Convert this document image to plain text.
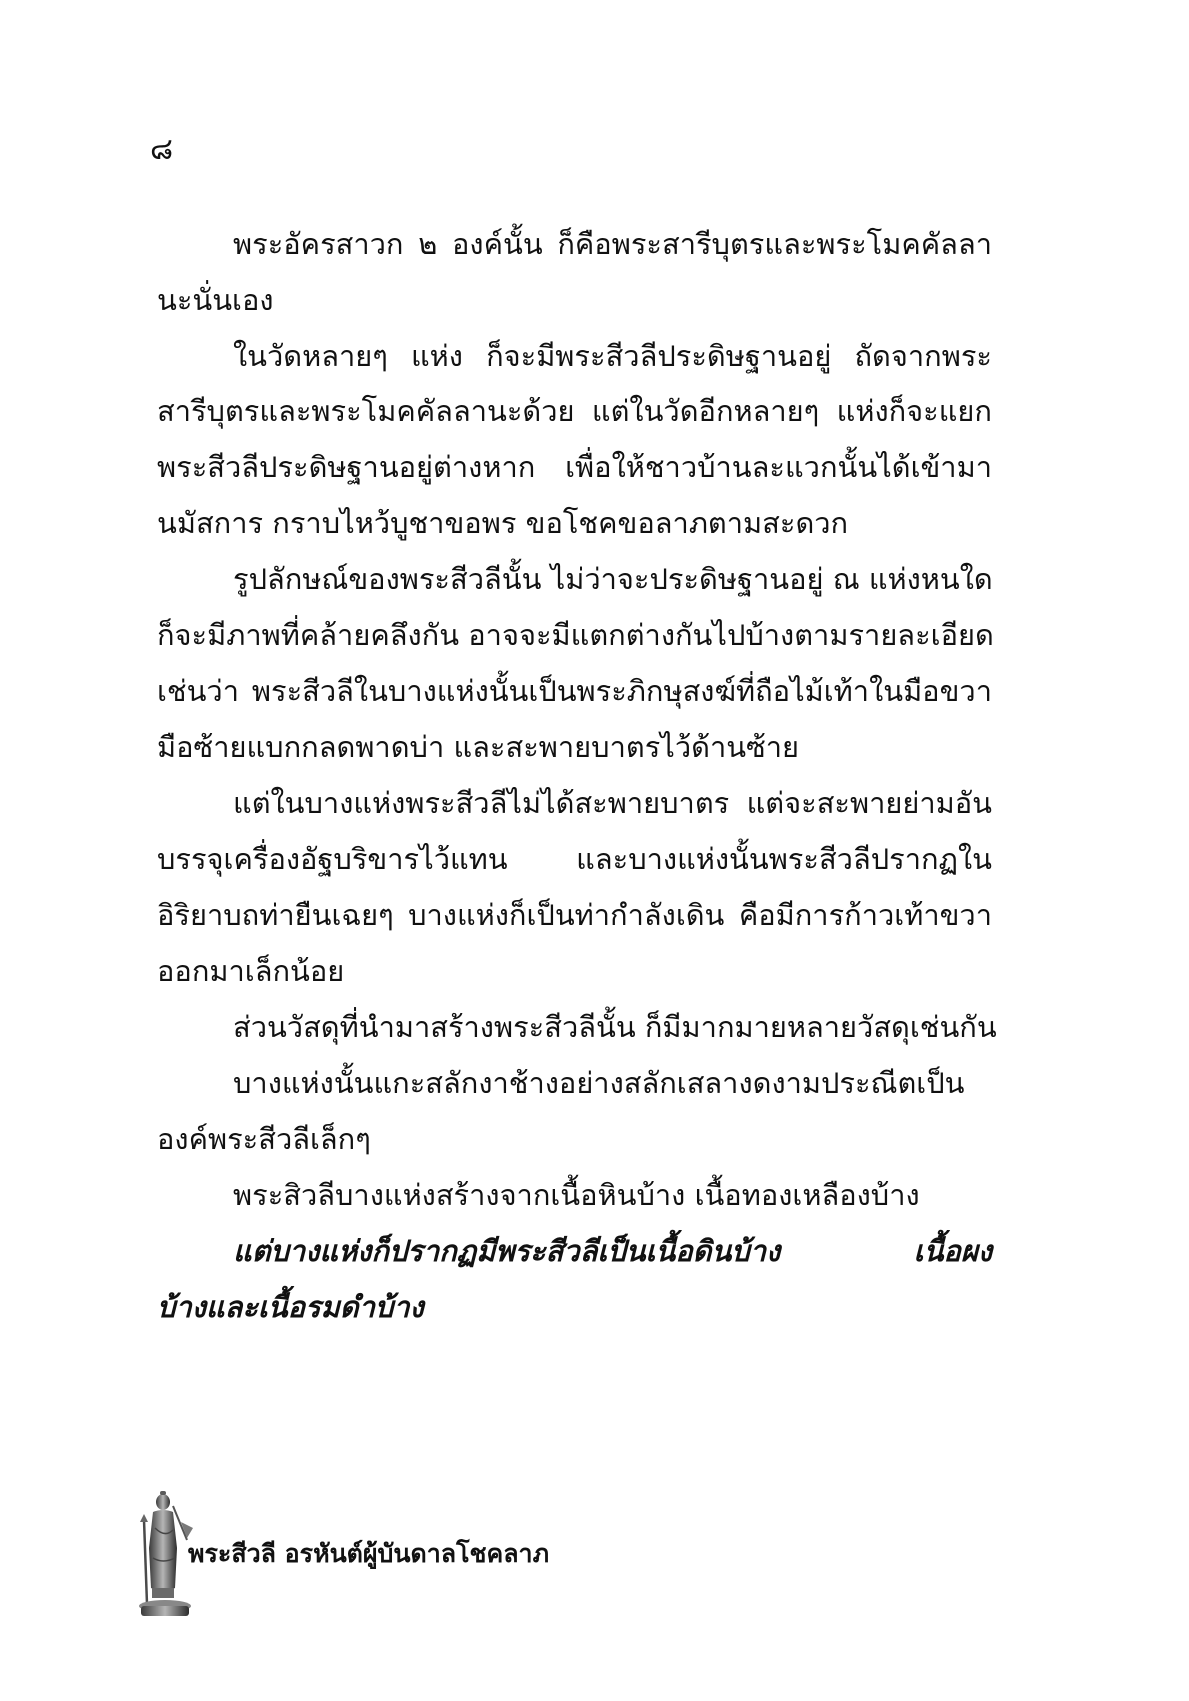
๘
พระอัครสาวก ๒ องค์นั้น ก็คือพระสารีบุตรและพระโมคคัลลา
นะนั่นเอง
ในวัดหลายๆ แห่ง ก็จะมีพระสีวลีประดิษฐานอยู่ ถัดจากพระ
สารีบุตรและพระโมคคัลลานะด้วย แต่ในวัดอีกหลายๆ แห่งก็จะแยก
พระสีวลีประดิษฐานอยู่ต่างหาก เพื่อให้ชาวบ้านละแวกนั้นได้เข้ามา
นมัสการ กราบไหว้บูชาขอพร ขอโชคขอลาภตามสะดวก
รูปลักษณ์ของพระสีวลีนั้น ไม่ว่าจะประดิษฐานอยู่ ณ แห่งหนใด
ก็จะมีภาพที่คล้ายคลึงกัน อาจจะมีแตกต่างกันไปบ้างตามรายละเอียด
เช่นว่า พระสีวลีในบางแห่งนั้นเป็นพระภิกษุสงฆ์ที่ถือไม้เท้าในมือขวา
มือซ้ายแบกกลดพาดบ่า และสะพายบาตรไว้ด้านซ้าย
แต่ในบางแห่งพระสีวลีไม่ได้สะพายบาตร แต่จะสะพายย่ามอัน
บรรจุเครื่องอัฐบริขารไว้แทน และบางแห่งนั้นพระสีวลีปรากฏใน
อิริยาบถท่ายืนเฉยๆ บางแห่งก็เป็นท่ากำลังเดิน คือมีการก้าวเท้าขวา
ออกมาเล็กน้อย
ส่วนวัสดุที่นำมาสร้างพระสีวลีนั้น ก็มีมากมายหลายวัสดุเช่นกัน
บางแห่งนั้นแกะสลักงาช้างอย่างสลักเสลางดงามประณีตเป็น
องค์พระสีวลีเล็กๆ
พระสิวลีบางแห่งสร้างจากเนื้อหินบ้าง เนื้อทองเหลืองบ้าง
แต่บางแห่งก็ปรากฏมีพระสีวลีเป็นเนื้อดินบ้าง เนื้อผง
บ้างและเนื้อรมดำบ้าง
พระสีวลี อรหันต์ผู้บันดาลโชคลาภ
